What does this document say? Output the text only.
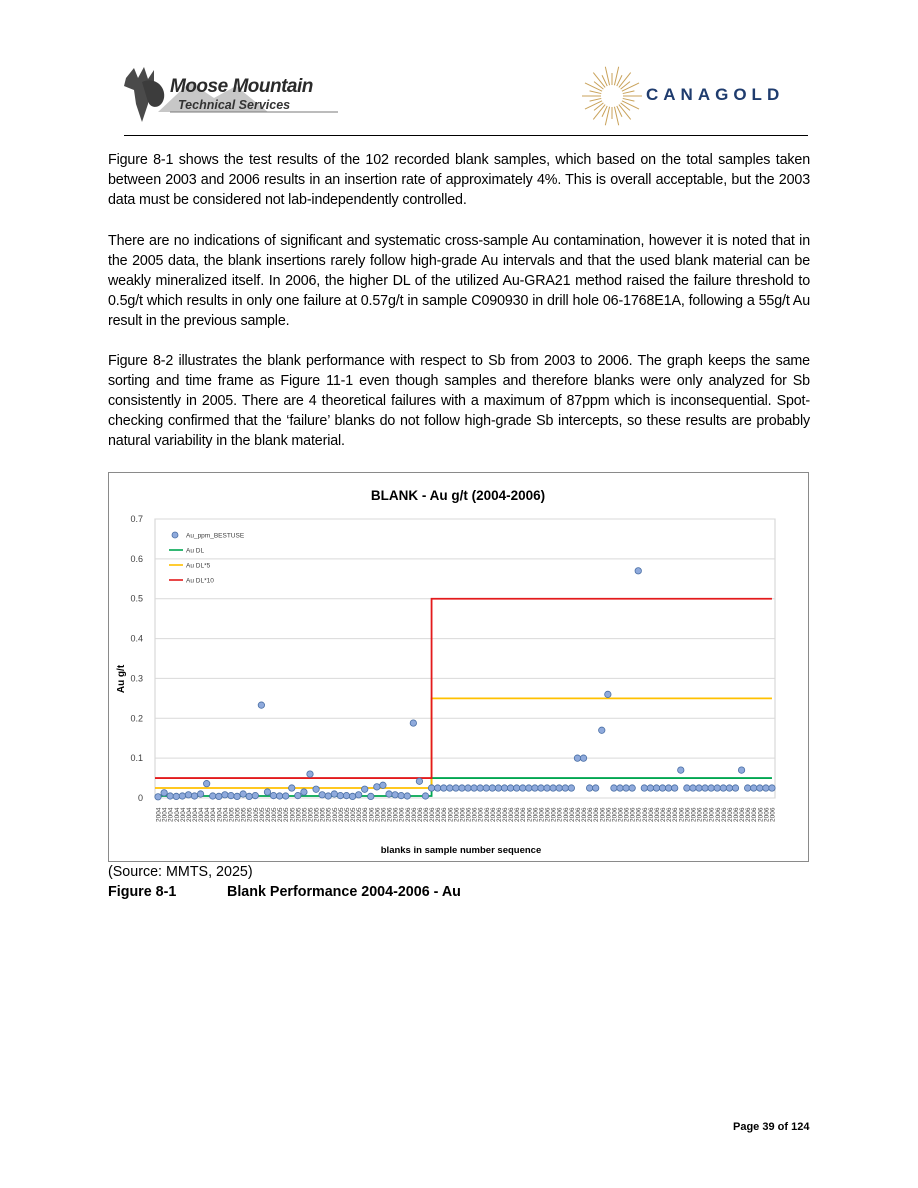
Moose Mountain
Technical Services
CANAGOLD

Figure 8-1 shows the test results of the 102 recorded blank samples, which based on the total samples taken between 2003 and 2006 results in an insertion rate of approximately 4%. This is overall acceptable, but the 2003 data must be considered not lab-independently controlled.

There are no indications of significant and systematic cross-sample Au contamination, however it is noted that in the 2005 data, the blank insertions rarely follow high-grade Au intervals and that the used blank material can be weakly mineralized itself. In 2006, the higher DL of the utilized Au-GRA21 method raised the failure threshold to 0.5g/t which results in only one failure at 0.57g/t in sample C090930 in drill hole 06-1768E1A, following a 55g/t Au result in the previous sample.

Figure 8-2 illustrates the blank performance with respect to Sb from 2003 to 2006. The graph keeps the same sorting and time frame as Figure 11-1 even though samples and therefore blanks were only analyzed for Sb consistently in 2005. There are 4 theoretical failures with a maximum of 87ppm which is inconsequential. Spot-checking confirmed that the ‘failure’ blanks do not follow high-grade Sb intercepts, so these results are probably natural variability in the blank material.

BLANK - Au g/t (2004-2006)
Au g/t
blanks in sample number sequence
0
0.1
0.2
0.3
0.4
0.5
0.6
0.7
2004 2004 2004 2004 2004 2004 2004 2004 2004 2004 2004 2004 2005 2005 2005 2005 2005 2005 2005 2005 2005 2005 2005 2005 2005 2005 2005 2005 2005 2005 2005 2005 2005 2005 2006 2006 2006 2006 2006 2006 2006 2006 2006 2006 2006 2006 2006 2006 2006 2006 2006 2006 2006 2006 2006 2006 2006 2006 2006 2006 2006 2006 2006 2006 2006 2006 2006 2006 2006 2006 2006 2006 2006 2006 2006 2006 2006 2006 2006 2006 2006 2006 2006 2006 2006 2006 2006 2006 2006 2006 2006 2006 2006 2006 2006 2006 2006 2006 2006 2006 2006 2006
Au_ppm_BESTUSE
Au DL
Au DL*5
Au DL*10
(Source: MMTS, 2025)
Figure 8-1	Blank Performance 2004-2006 - Au
Page 39 of 124
